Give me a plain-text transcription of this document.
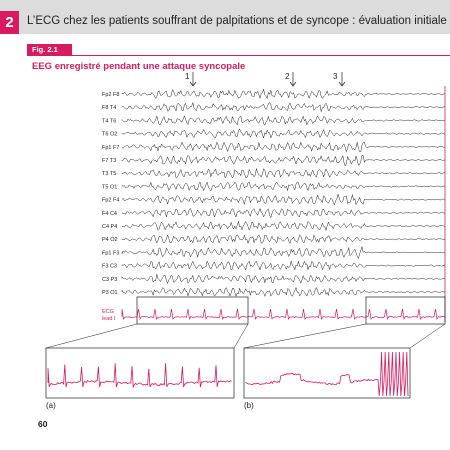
2	L’ECG chez les patients souffrant de palpitations et de syncope : évaluation initiale
Fig. 2.1
EEG enregistré pendant une attaque syncopale
1	2	3
Fp2 F8
F8 T4
T4 T6
T6 O2
Fp1 F7
F7 T3
T3 T5
T5 O1
Fp2 F4
F4 C4
C4 P4
P4 O2
Fp1 F3
F3 C3
C3 P3
P3 O1
ECG
lead I
(a)	(b)
60
